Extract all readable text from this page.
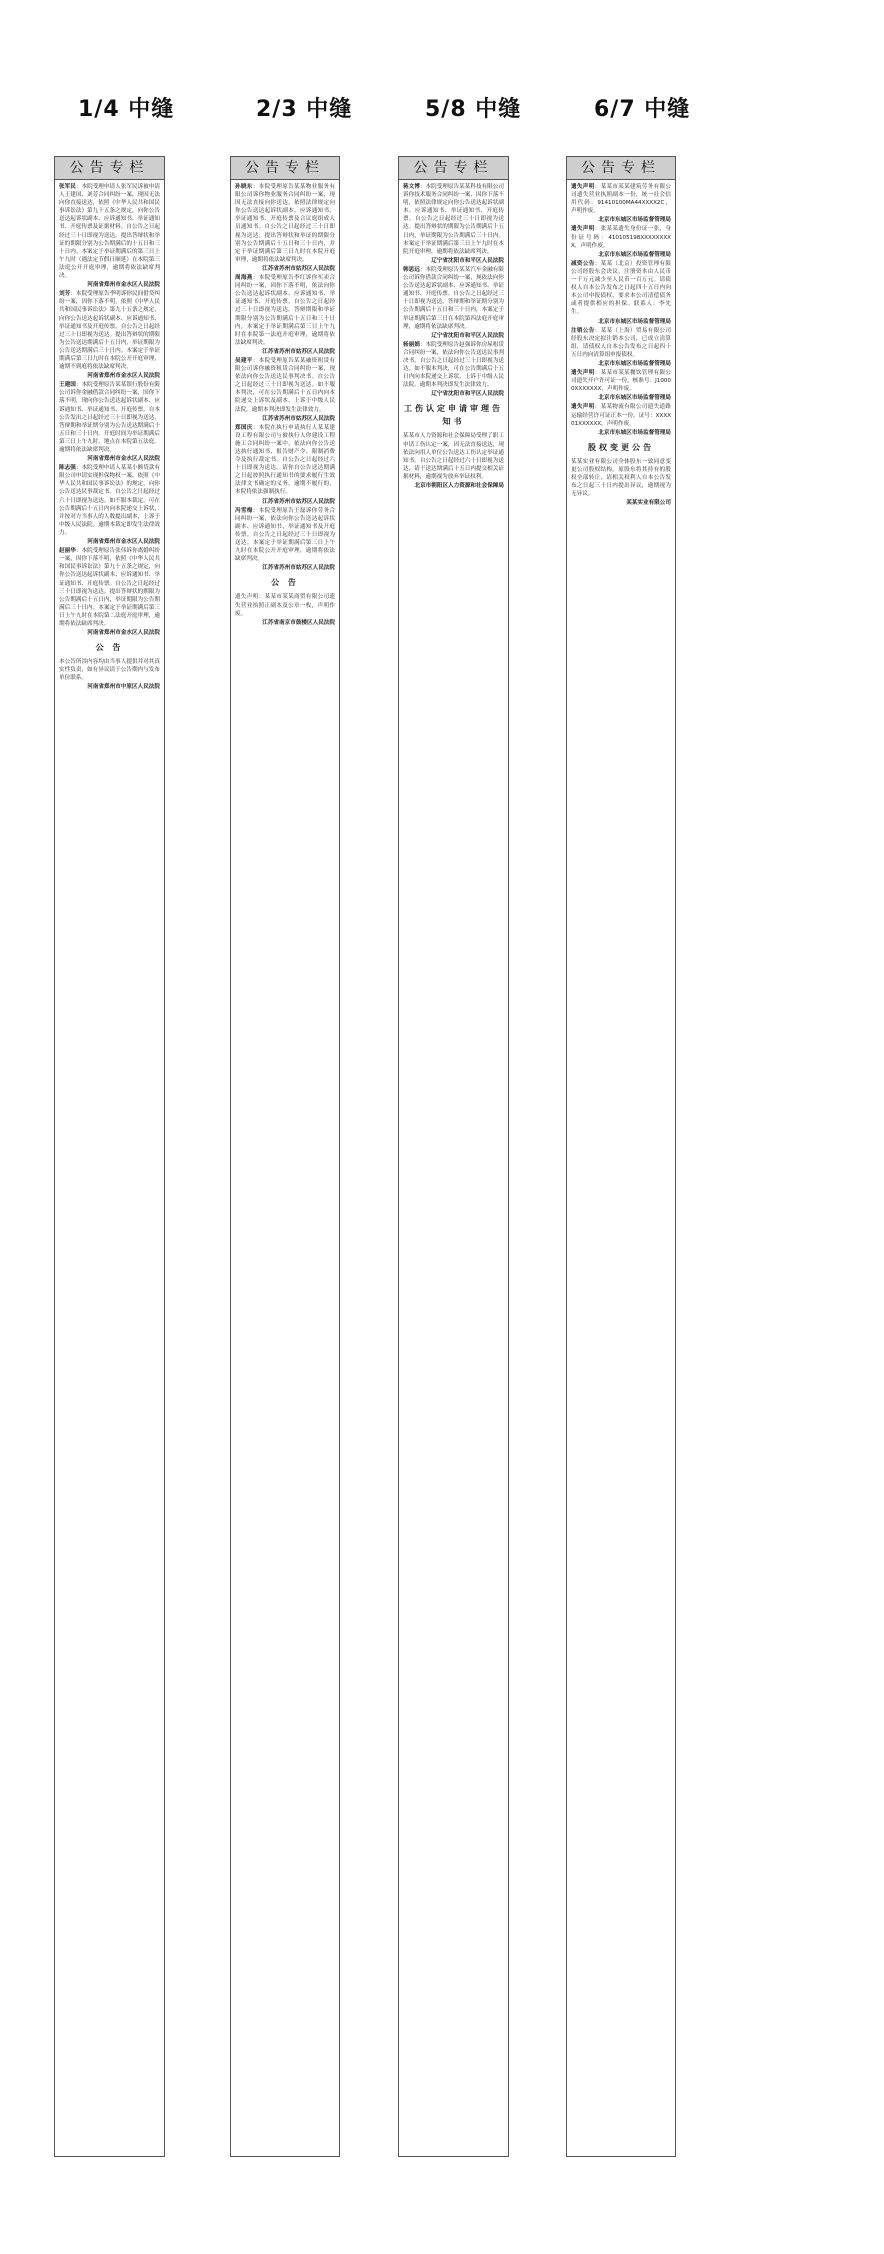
1/4 中缝	2/3 中缝	5/8 中缝	6/7 中缝
公告专栏
张军民：本院受理申请人张军民诉被申请人王建国、刘芳合同纠纷一案，现因无法向你直接送达，依照《中华人民共和国民事诉讼法》第九十五条之规定，向你公告送达起诉状副本、应诉通知书、举证通知书、开庭传票及证据材料。自公告之日起经过三十日即视为送达。提出答辩状和举证的期限分别为公告期满后的十五日和三十日内。本案定于举证期满后的第三日上午九时（遇法定节假日顺延）在本院第三法庭公开开庭审理，逾期将依法缺席判决。
河南省郑州市金水区人民法院
刘芳：本院受理原告李明诉你民间借贷纠纷一案，因你下落不明，依照《中华人民共和国民事诉讼法》第九十五条之规定，向你公告送达起诉状副本、应诉通知书、举证通知书及开庭传票。自公告之日起经过三十日即视为送达。提出答辩状的期限为公告送达期满后十五日内，举证期限为公告送达期满后三十日内。本案定于举证期满后第三日九时在本院公开开庭审理，逾期不到庭将依法缺席判决。
河南省郑州市金水区人民法院
王建国：本院受理原告某某银行股份有限公司诉你金融借款合同纠纷一案，因你下落不明，现向你公告送达起诉状副本、应诉通知书、举证通知书、开庭传票。自本公告发出之日起经过三十日即视为送达，答辩期和举证期分别为公告送达期满后十五日和三十日内。开庭时间为举证期满后第三日上午九时，地点在本院第五法庭。逾期将依法缺席判决。
河南省郑州市金水区人民法院
陈志强：本院受理申请人某某小额贷款有限公司申请实现担保物权一案，依照《中华人民共和国民事诉讼法》的规定，向你公告送达民事裁定书。自公告之日起经过六十日即视为送达。如不服本裁定，可在公告期满后十五日内向本院递交上诉状，并按对方当事人的人数提出副本，上诉于中级人民法院。逾期本裁定即发生法律效力。
河南省郑州市金水区人民法院
赵丽华：本院受理原告张伟诉你离婚纠纷一案，因你下落不明，依照《中华人民共和国民事诉讼法》第九十五条之规定，向你公告送达起诉状副本、应诉通知书、举证通知书、开庭传票。自公告之日起经过三十日即视为送达。提出答辩状的期限为公告期满后十五日内，举证期限为公告期满后三十日内。本案定于举证期满后第三日上午九时在本院第二法庭开庭审理，逾期将依法缺席判决。
河南省郑州市金水区人民法院
公 告
本公告所涉内容均由当事人提供并对其真实性负责，如有异议请于公告期内与发布单位联系。
河南省郑州市中原区人民法院
公告专栏
孙晓东：本院受理原告某某物业服务有限公司诉你物业服务合同纠纷一案，现因无法直接向你送达，依照法律规定向你公告送达起诉状副本、应诉通知书、举证通知书、开庭传票及合议庭组成人员通知书。自公告之日起经过三十日即视为送达。提出答辩状和举证的期限分别为公告期满后十五日和三十日内，并定于举证期满后第三日九时在本院开庭审理，逾期将依法缺席判决。
江苏省苏州市姑苏区人民法院
周海燕：本院受理原告李红诉你买卖合同纠纷一案，因你下落不明，依法向你公告送达起诉状副本、应诉通知书、举证通知书、开庭传票。自公告之日起经过三十日即视为送达。答辩期限和举证期限分别为公告期满后十五日和三十日内。本案定于举证期满后第三日上午九时在本院第一法庭开庭审理，逾期将依法缺席判决。
江苏省苏州市姑苏区人民法院
吴建平：本院受理原告某某融资租赁有限公司诉你融资租赁合同纠纷一案，现依法向你公告送达民事判决书。自公告之日起经过三十日即视为送达。如不服本判决，可在公告期满后十五日内向本院递交上诉状及副本，上诉于中级人民法院。逾期本判决即发生法律效力。
江苏省苏州市姑苏区人民法院
郑国庆：本院在执行申请执行人某某建设工程有限公司与被执行人你建设工程施工合同纠纷一案中，依法向你公告送达执行通知书、报告财产令、限制消费令及执行裁定书。自公告之日起经过六十日即视为送达。请你自公告送达期满之日起按照执行通知书的要求履行生效法律文书确定的义务，逾期不履行的，本院将依法强制执行。
江苏省苏州市姑苏区人民法院
冯雪梅：本院受理原告王磊诉你劳务合同纠纷一案，依法向你公告送达起诉状副本、应诉通知书、举证通知书及开庭传票。自公告之日起经过三十日即视为送达。本案定于举证期满后第三日上午九时在本院公开开庭审理，逾期将依法缺席判决。
江苏省苏州市姑苏区人民法院
公 告
遗失声明：某某市某某商贸有限公司遗失营业执照正副本及公章一枚，声明作废。
江苏省南京市鼓楼区人民法院
公告专栏
蒋文博：本院受理原告某某科技有限公司诉你技术服务合同纠纷一案，因你下落不明，依照法律规定向你公告送达起诉状副本、应诉通知书、举证通知书、开庭传票。自公告之日起经过三十日即视为送达。提出答辩状的期限为公告期满后十五日内，举证期限为公告期满后三十日内。本案定于举证期满后第三日上午九时在本院开庭审理，逾期将依法缺席判决。
辽宁省沈阳市和平区人民法院
韩思远：本院受理原告某某汽车金融有限公司诉你借款合同纠纷一案，现依法向你公告送达起诉状副本、应诉通知书、举证通知书、开庭传票。自公告之日起经过三十日即视为送达。答辩期和举证期分别为公告期满后十五日和三十日内，本案定于举证期满后第三日在本院第四法庭开庭审理，逾期将依法缺席判决。
辽宁省沈阳市和平区人民法院
杨丽娟：本院受理原告赵强诉你房屋租赁合同纠纷一案，依法向你公告送达民事判决书。自公告之日起经过三十日即视为送达。如不服本判决，可在公告期满后十五日内向本院递交上诉状，上诉于中级人民法院。逾期本判决即发生法律效力。
辽宁省沈阳市和平区人民法院
工伤认定申请审理告知书
某某市人力资源和社会保障局受理了职工申请工伤认定一案，因无法直接送达，现依法向用人单位公告送达工伤认定举证通知书。自公告之日起经过六十日即视为送达，请于送达期满后十五日内提交相关证据材料，逾期视为放弃举证权利。
北京市朝阳区人力资源和社会保障局
公告专栏
遗失声明：某某市某某建筑劳务有限公司遗失营业执照副本一份，统一社会信用代码：91410100MA44XXXX2C，声明作废。
北京市东城区市场监督管理局
遗失声明：张某某遗失身份证一张，身份证号码：410105198XXXXXXXXX，声明作废。
北京市东城区市场监督管理局
减资公告：某某（北京）投资管理有限公司经股东会决议，注册资本由人民币一千万元减少至人民币一百万元。请债权人自本公告发布之日起四十五日内向本公司申报债权，要求本公司清偿债务或者提供相应的担保。联系人：李先生。
北京市东城区市场监督管理局
注销公告：某某（上海）贸易有限公司经股东决定拟注销本公司，已成立清算组，请债权人自本公告发布之日起四十五日内向清算组申报债权。
北京市东城区市场监督管理局
遗失声明：某某市某某餐饮管理有限公司遗失开户许可证一份，核准号：J10000XXXXXXX，声明作废。
北京市东城区市场监督管理局
遗失声明：某某物流有限公司遗失道路运输经营许可证正本一份，证号：XXXX01XXXXXX，声明作废。
北京市东城区市场监督管理局
股权变更公告
某某实业有限公司全体股东一致同意变更公司股权结构，原股东将其持有的股权全部转让，请相关权利人自本公告发布之日起三十日内提出异议，逾期视为无异议。
某某实业有限公司
